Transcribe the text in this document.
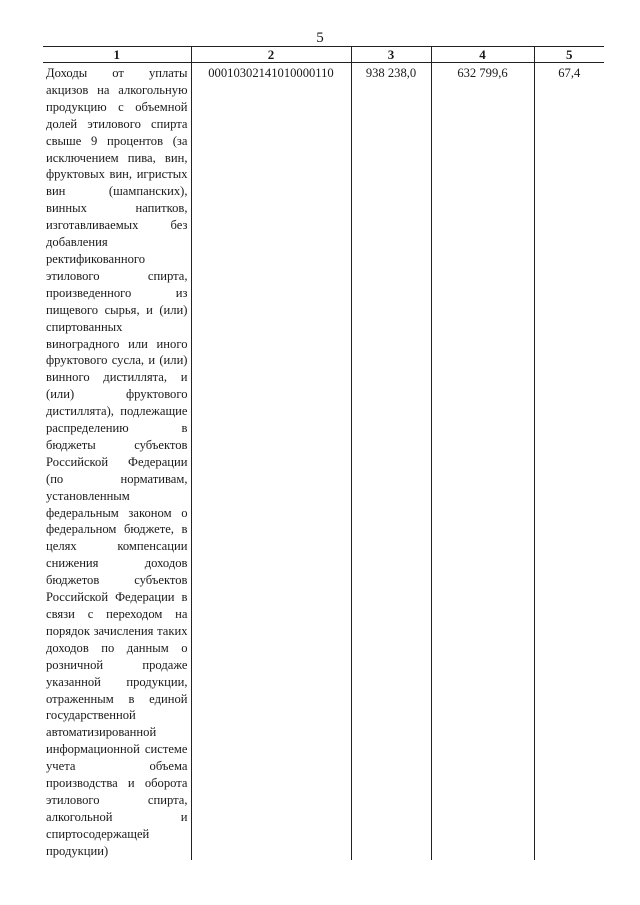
5
1	2	3	4	5
Доходы от уплаты акцизов на алкогольную продукцию с объемной долей этилового спирта свыше 9 процентов (за исключением пива, вин, фруктовых вин, игристых вин (шампанских), винных напитков, изготавливаемых без добавления ректификованного этилового спирта, произведенного из пищевого сырья, и (или) спиртованных виноградного или иного фруктового сусла, и (или) винного дистиллята, и (или) фруктового дистиллята), подлежащие распределению в бюджеты субъектов Российской Федерации (по нормативам, установленным федеральным законом о федеральном бюджете, в целях компенсации снижения доходов бюджетов субъектов Российской Федерации в связи с переходом на порядок зачисления таких доходов по данным о розничной продаже указанной продукции, отраженным в единой государственной автоматизированной информационной системе учета объема производства и оборота этилового спирта, алкогольной и спиртосодержащей продукции)	00010302141010000110	938 238,0	632 799,6	67,4
